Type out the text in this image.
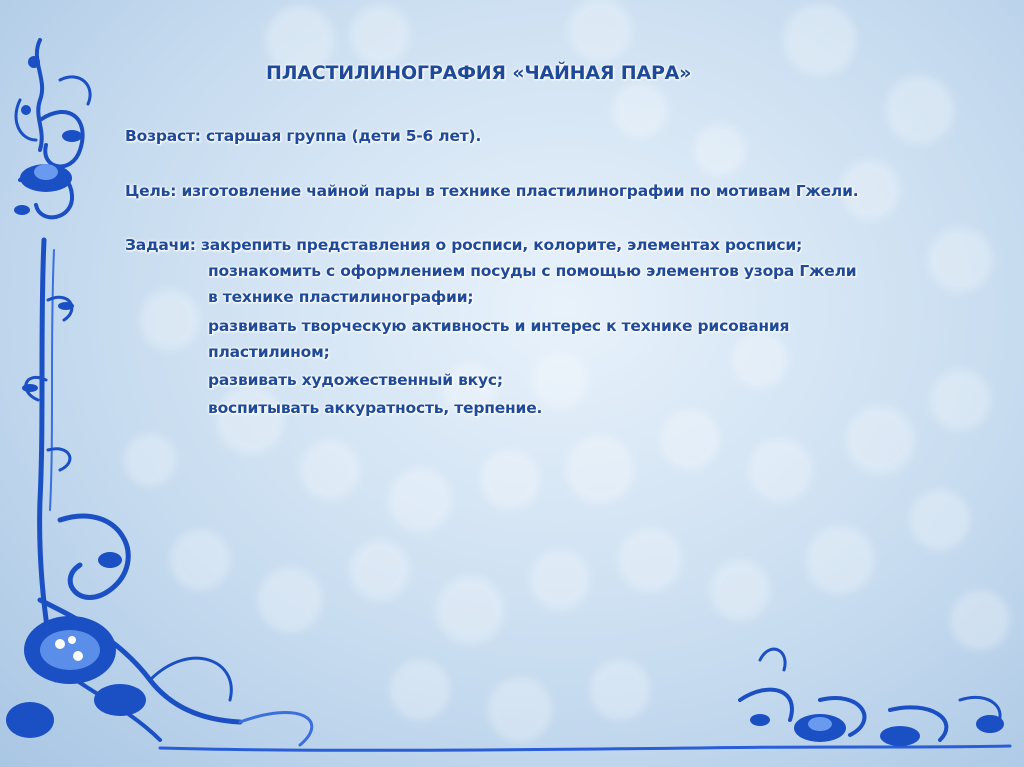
ПЛАСТИЛИНОГРАФИЯ «ЧАЙНАЯ ПАРА»
Возраст: старшая группа (дети 5-6 лет).
Цель: изготовление чайной пары в технике пластилинографии по мотивам Гжели.
Задачи: закрепить представления о росписи, колорите, элементах росписи;
познакомить с оформлением посуды с помощью элементов узора Гжели
в технике пластилинографии;
развивать творческую активность и интерес к технике рисования
пластилином;
развивать художественный вкус;
воспитывать аккуратность, терпение.
